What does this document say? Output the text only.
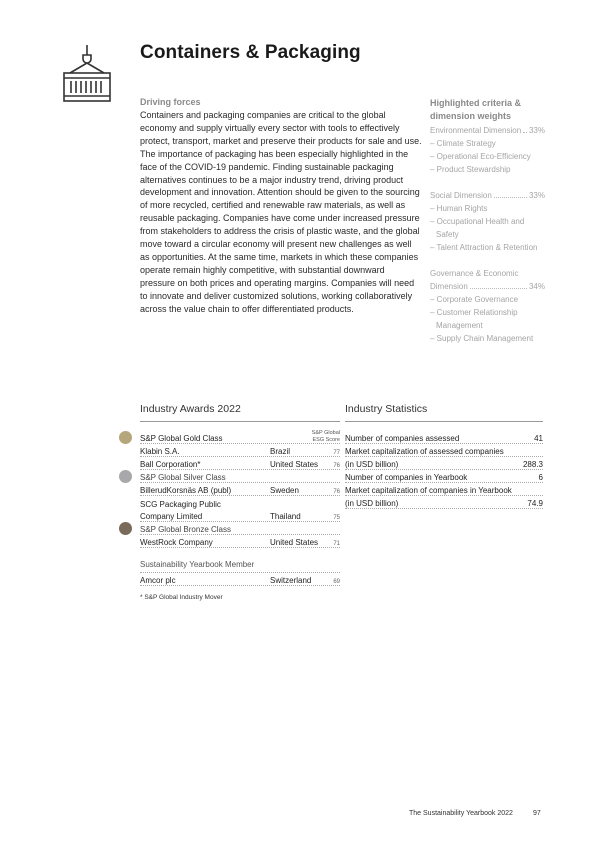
Containers & Packaging
Driving forces
Containers and packaging companies are critical to the global economy and supply virtually every sector with tools to effectively protect, transport, market and preserve their products for sale and use. The importance of packaging has been especially highlighted in the face of the COVID-19 pandemic. Finding sustainable packaging alternatives continues to be a major industry trend, driving product development and innovation. Attention should be given to the sourcing of more recycled, certified and renewable raw materials, as well as reusable packaging. Companies have come under increased pressure from stakeholders to address the crisis of plastic waste, and the global move toward a circular economy will present new challenges as well as opportunities. At the same time, markets in which these companies operate remain highly competitive, with substantial downward pressure on both prices and operating margins. Companies will need to innovate and deliver customized solutions, working collaboratively across the value chain to offer differentiated products.
Highlighted criteria & dimension weights
Environmental Dimension 33%
– Climate Strategy
– Operational Eco-Efficiency
– Product Stewardship
Social Dimension	33%
– Human Rights
– Occupational Health and
Safety
– Talent Attraction & Retention
Governance & Economic
Dimension	34%
– Corporate Governance
– Customer Relationship
Management
– Supply Chain Management
Industry Awards 2022
S&P Global Gold Class
S&P Global
ESG Score
Klabin S.A.	Brazil	77
Ball Corporation*	United States	76
S&P Global Silver Class
BillerudKorsnäs AB (publ)	Sweden	76
SCG Packaging Public
Company Limited	Thailand	75
S&P Global Bronze Class
WestRock Company	United States	71
Sustainability Yearbook Member
Amcor plc	Switzerland	69
* S&P Global Industry Mover
Industry Statistics
Number of companies assessed	41
Market capitalization of assessed companies
(in USD billion)	288.3
Number of companies in Yearbook	6
Market capitalization of companies in Yearbook
(in USD billion)	74.9
The Sustainability Yearbook 2022	97
